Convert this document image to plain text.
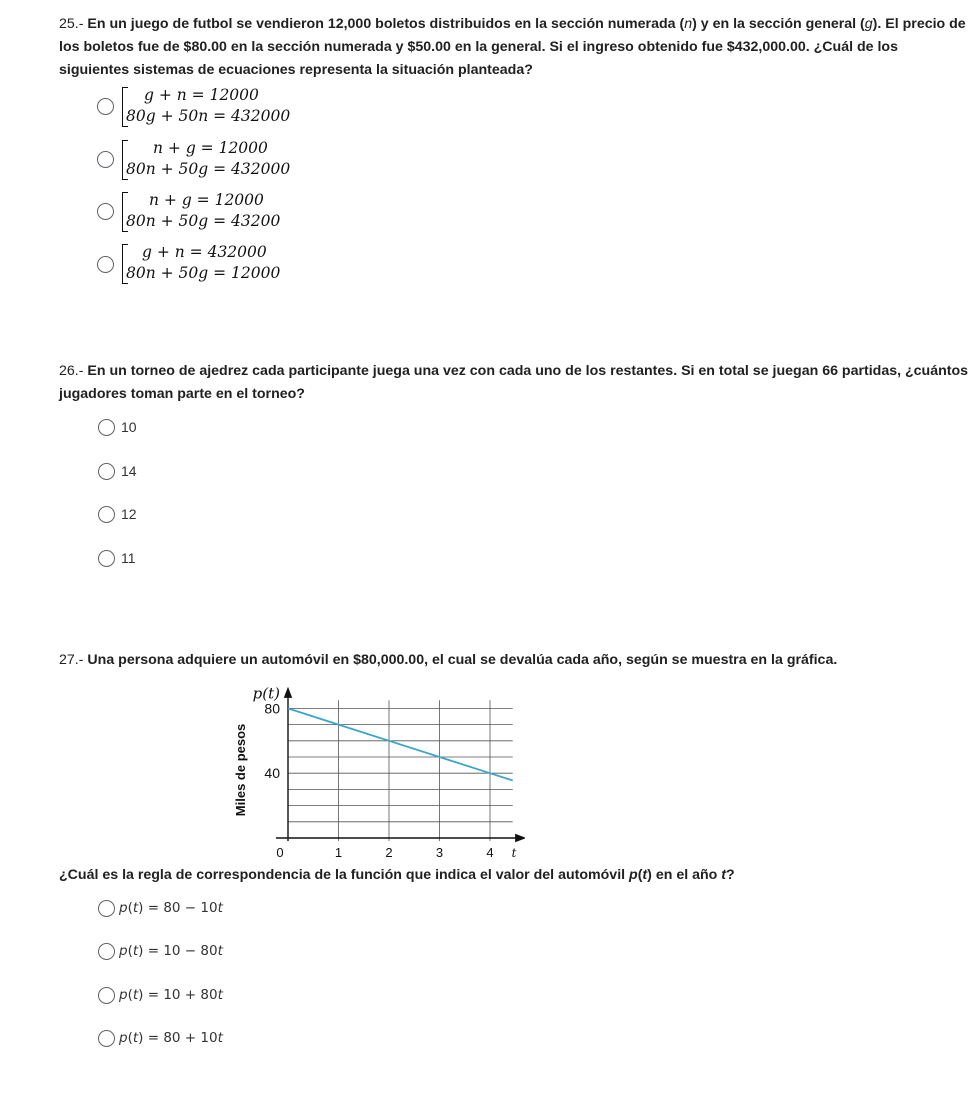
25.- En un juego de futbol se vendieron 12,000 boletos distribuidos en la sección numerada (n) y en la sección general (g). El precio de los boletos fue de $80.00 en la sección numerada y $50.00 en la general. Si el ingreso obtenido fue $432,000.00. ¿Cuál de los siguientes sistemas de ecuaciones representa la situación planteada?
g + n = 12000
80g + 50n = 432000
n + g = 12000
80n + 50g = 432000
n + g = 12000
80n + 50g = 43200
g + n = 432000
80n + 50g = 12000
26.- En un torneo de ajedrez cada participante juega una vez con cada uno de los restantes. Si en total se juegan 66 partidas, ¿cuántos jugadores toman parte en el torneo?
10
14
12
11
27.- Una persona adquiere un automóvil en $80,000.00, el cual se devalúa cada año, según se muestra en la gráfica.
0	1	2	3	4 t
40
80
p(t)
Miles de pesos
¿Cuál es la regla de correspondencia de la función que indica el valor del automóvil p(t) en el año t?
p(t) = 80 − 10t
p(t) = 10 − 80t
p(t) = 10 + 80t
p(t) = 80 + 10t
